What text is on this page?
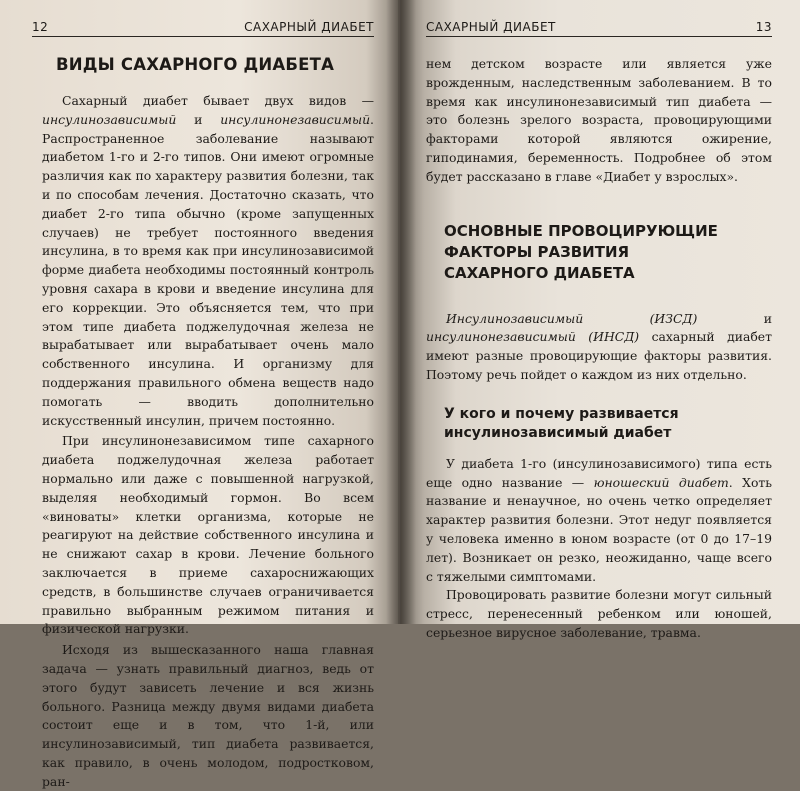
12	САХАРНЫЙ ДИАБЕТ
ВИДЫ САХАРНОГО ДИАБЕТА

Сахарный диабет бывает двух видов — инсулинозависимый и инсулинонезависимый. Распространенное заболевание называют диабетом 1-го и 2-го типов. Они имеют огромные различия как по характеру развития болезни, так и по способам лечения. Достаточно сказать, что диабет 2-го типа обычно (кроме запущенных случаев) не требует постоянного введения инсулина, в то время как при инсулинозависимой форме диабета необходимы постоянный контроль уровня сахара в крови и введение инсулина для его коррекции. Это объясняется тем, что при этом типе диабета поджелудочная железа не вырабатывает или вырабатывает очень мало собственного инсулина. И организму для поддержания правильного обмена веществ надо помогать — вводить дополнительно искусственный инсулин, причем постоянно.

При инсулинонезависимом типе сахарного диабета поджелудочная железа работает нормально или даже с повышенной нагрузкой, выделяя необходимый гормон. Во всем «виноваты» клетки организма, которые не реагируют на действие собственного инсулина и не снижают сахар в крови. Лечение больного заключается в приеме сахароснижающих средств, в большинстве случаев ограничивается правильно выбранным режимом питания и физической нагрузки.

Исходя из вышесказанного наша главная задача — узнать правильный диагноз, ведь от этого будут зависеть лечение и вся жизнь больного. Разница между двумя видами диабета состоит еще и в том, что 1-й, или инсулинозависимый, тип диабета развивается, как правило, в очень молодом, подростковом, ран-

САХАРНЫЙ ДИАБЕТ	13

нем детском возрасте или является уже врожденным, наследственным заболеванием. В то время как инсулинонезависимый тип диабета — это болезнь зрелого возраста, провоцирующими факторами которой являются ожирение, гиподинамия, беременность. Подробнее об этом будет рассказано в главе «Диабет у взрослых».

ОСНОВНЫЕ ПРОВОЦИРУЮЩИЕ
ФАКТОРЫ РАЗВИТИЯ
САХАРНОГО ДИАБЕТА

Инсулинозависимый (ИЗСД) и инсулинонезависимый (ИНСД) сахарный диабет имеют разные провоцирующие факторы развития. Поэтому речь пойдет о каждом из них отдельно.

У кого и почему развивается
инсулинозависимый диабет

У диабета 1-го (инсулинозависимого) типа есть еще одно название — юношеский диабет. Хоть название и ненаучное, но очень четко определяет характер развития болезни. Этот недуг появляется у человека именно в юном возрасте (от 0 до 17–19 лет). Возникает он резко, неожиданно, чаще всего с тяжелыми симптомами.

Провоцировать развитие болезни могут сильный стресс, перенесенный ребенком или юношей, серьезное вирусное заболевание, травма.
